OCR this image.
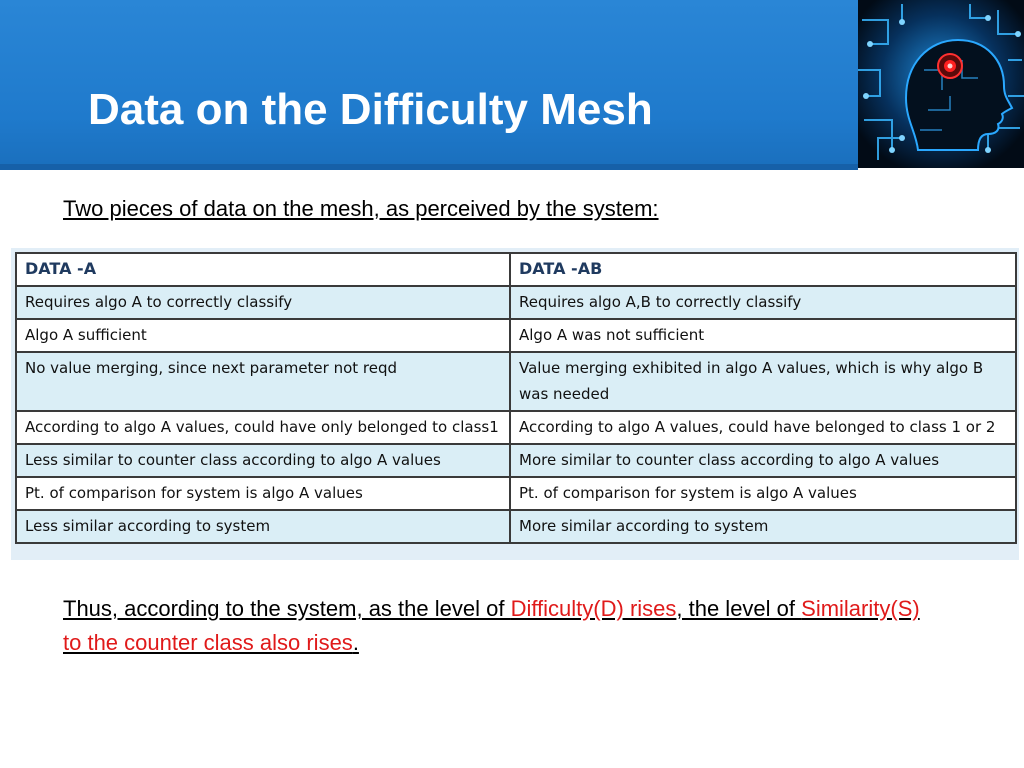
Data on the Difficulty Mesh
Two pieces of data on the mesh, as perceived by the system:
DATA -A	DATA -AB
Requires algo A to correctly classify	Requires algo A,B to correctly classify
Algo A sufficient	Algo A was not sufficient
No value merging, since next parameter not reqd	Value merging exhibited in algo A values, which is why algo B was needed
According to algo A values, could have only belonged to class1	According to algo A values, could have belonged to class 1 or 2
Less similar to counter class according to algo A values	More similar to counter class according to algo A values
Pt. of comparison for system is algo A values	Pt. of comparison for system is algo A values
Less similar according to system	More similar according to system
Thus, according to the system, as the level of Difficulty(D) rises, the level of Similarity(S) to the counter class also rises.
